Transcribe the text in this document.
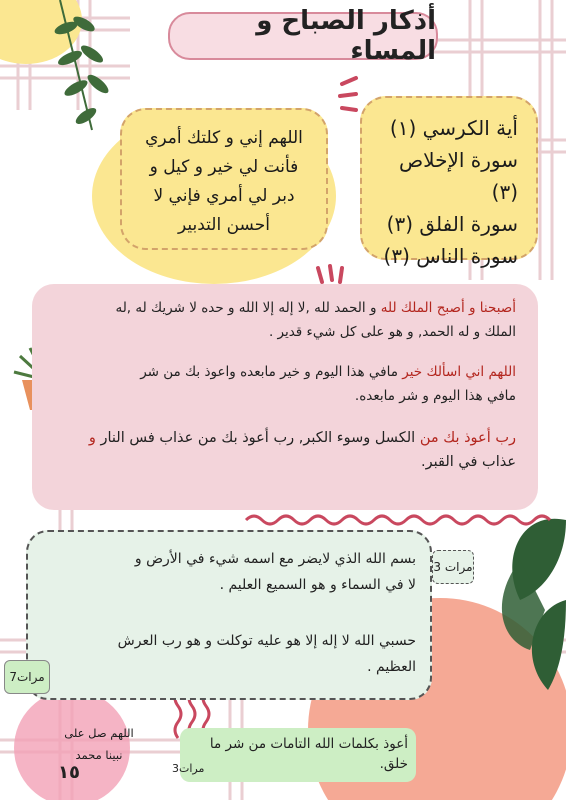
أذكار الصباح و المساء
أية الكرسي (١)
سورة الإخلاص (٣)
سورة الفلق (٣)
سورة الناس (٣)
اللهم إني و كلتك أمري
فأنت لي خير و كيل و
دبر لي أمري فإني لا
أحسن التدبير

أصبحنا و أصبح الملك لله و الحمد لله ,لا إله إلا الله و حده لا شريك له ,له

الملك و له الحمد, و هو على كل شيء قدير .

اللهم اني اسألك خير مافي هذا اليوم و خير مابعده واعوذ بك من شر

مافي هذا اليوم و شر مابعده.

رب أعوذ بك من الكسل وسوء الكبر, رب أعوذ بك من عذاب فس النار و

عذاب في القبر.

بسم الله الذي لايضر مع اسمه شيء في الأرض و

لا في السماء و هو السميع العليم .

حسبي الله لا إله إلا هو عليه توكلت و هو رب العرش

العظيم .

مرات 3
مرات7

أعوذ بكلمات الله التامات من شر ما

خلق.

مرات3
اللهم صل على
نبينا محمد
١٥
